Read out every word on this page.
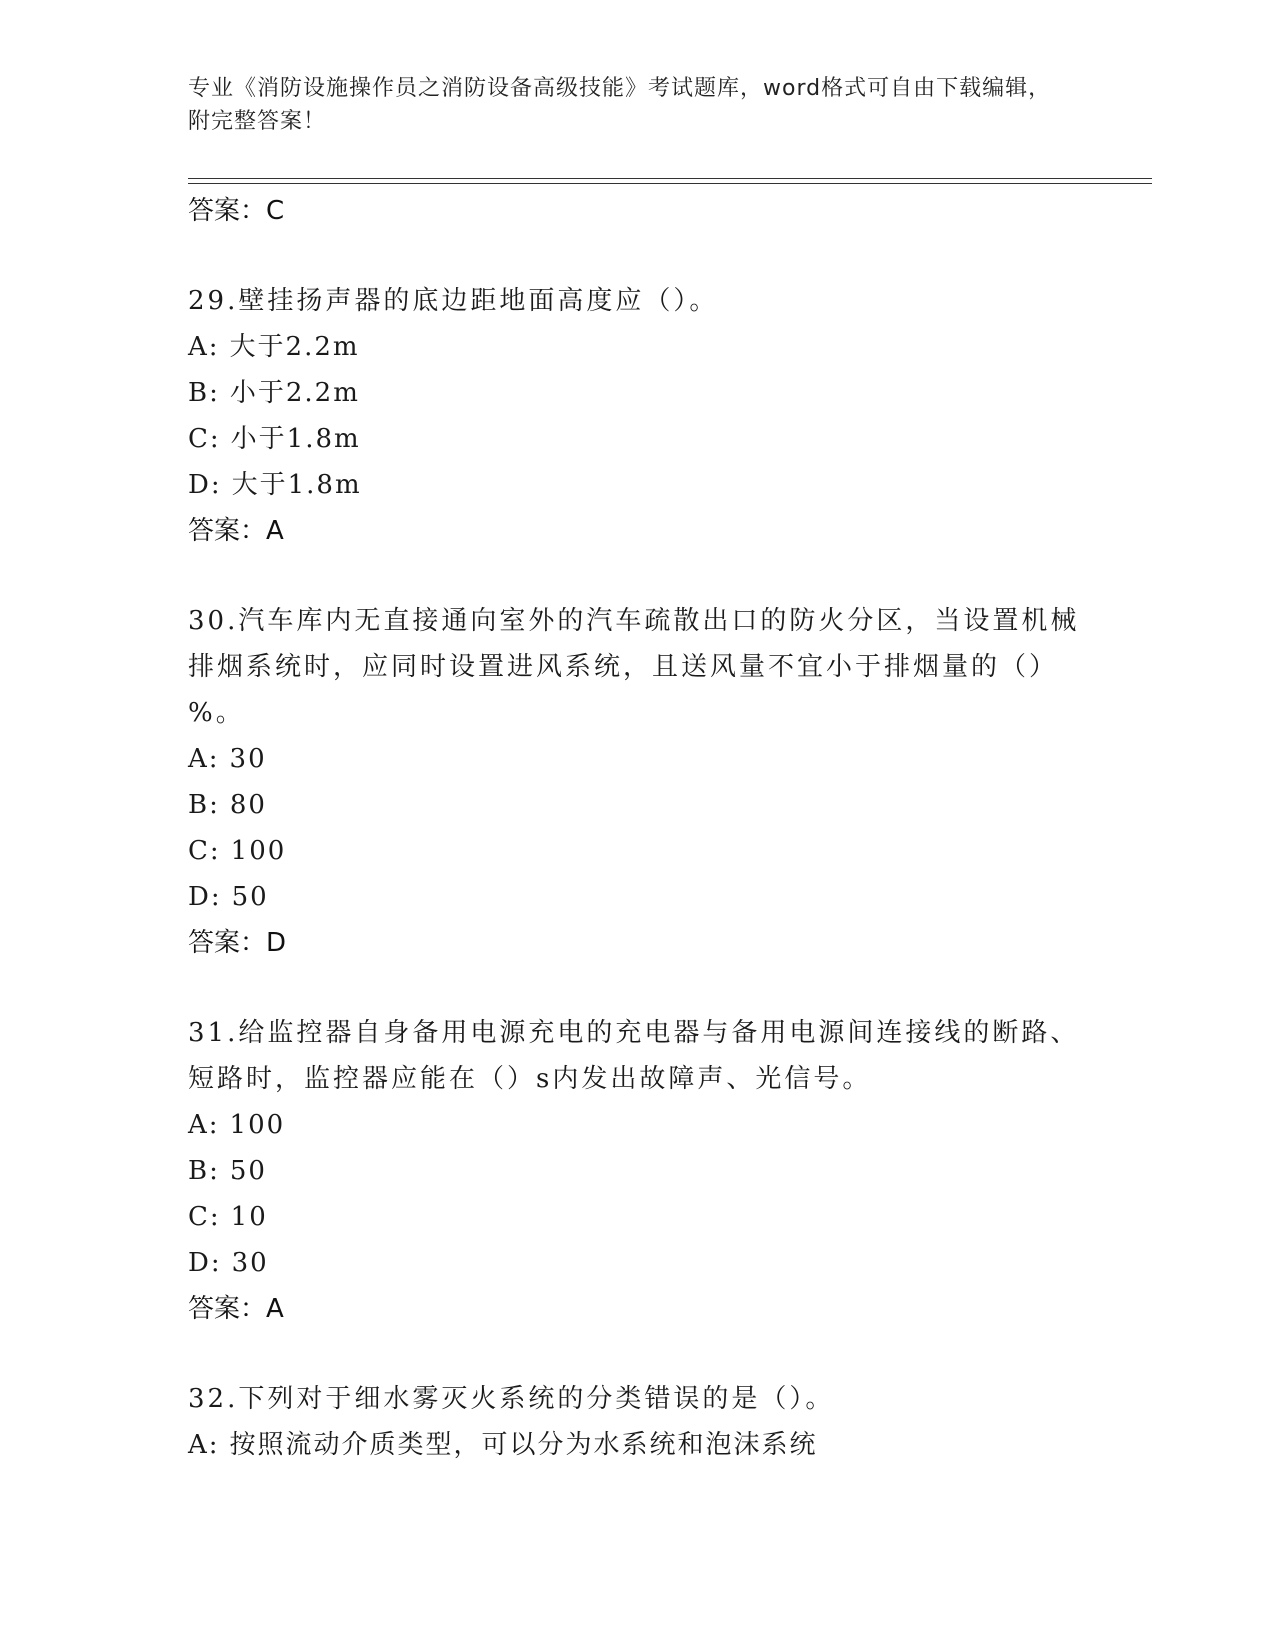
专业《消防设施操作员之消防设备高级技能》考试题库，word格式可自由下载编辑，附完整答案！
答案：C
29.壁挂扬声器的底边距地面高度应（）。
A: 大于2.2m
B: 小于2.2m
C: 小于1.8m
D: 大于1.8m
答案：A
30.汽车库内无直接通向室外的汽车疏散出口的防火分区，当设置机械排烟系统时，应同时设置进风系统，且送风量不宜小于排烟量的（）%。
A: 30
B: 80
C: 100
D: 50
答案：D
31.给监控器自身备用电源充电的充电器与备用电源间连接线的断路、短路时，监控器应能在（）s内发出故障声、光信号。
A: 100
B: 50
C: 10
D: 30
答案：A
32.下列对于细水雾灭火系统的分类错误的是（）。
A: 按照流动介质类型，可以分为水系统和泡沫系统
